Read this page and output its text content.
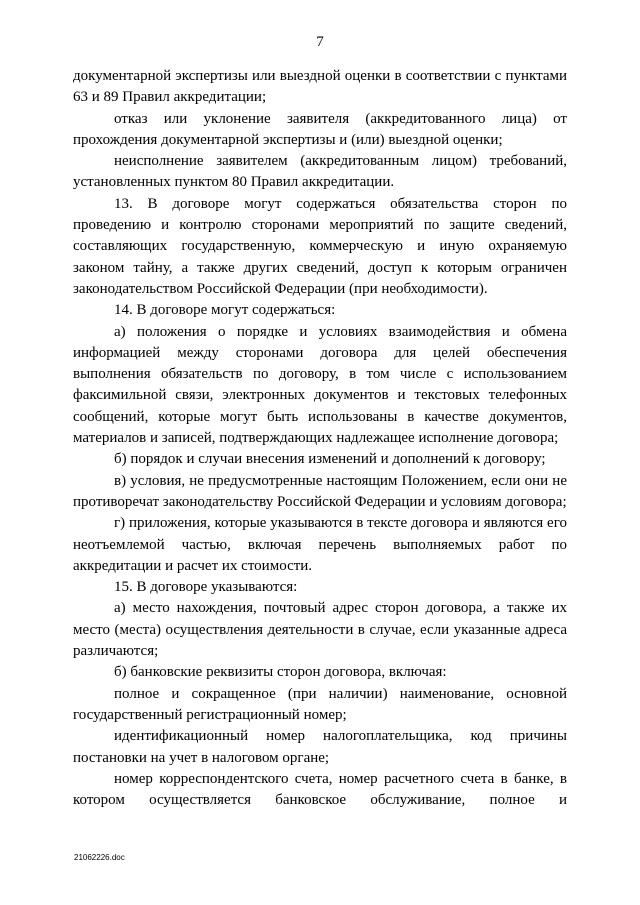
7

документарной экспертизы или выездной оценки в соответствии с пунктами 63 и 89 Правил аккредитации;

отказ или уклонение заявителя (аккредитованного лица) от прохождения документарной экспертизы и (или) выездной оценки;

неисполнение заявителем (аккредитованным лицом) требований, установленных пунктом 80 Правил аккредитации.

13. В договоре могут содержаться обязательства сторон по проведению и контролю сторонами мероприятий по защите сведений, составляющих государственную, коммерческую и иную охраняемую законом тайну, а также других сведений, доступ к которым ограничен законодательством Российской Федерации (при необходимости).

14. В договоре могут содержаться:

а) положения о порядке и условиях взаимодействия и обмена информацией между сторонами договора для целей обеспечения выполнения обязательств по договору, в том числе с использованием факсимильной связи, электронных документов и текстовых телефонных сообщений, которые могут быть использованы в качестве документов, материалов и записей, подтверждающих надлежащее исполнение договора;

б) порядок и случаи внесения изменений и дополнений к договору;

в) условия, не предусмотренные настоящим Положением, если они не противоречат законодательству Российской Федерации и условиям договора;

г) приложения, которые указываются в тексте договора и являются его неотъемлемой частью, включая перечень выполняемых работ по аккредитации и расчет их стоимости.

15. В договоре указываются:

а) место нахождения, почтовый адрес сторон договора, а также их место (места) осуществления деятельности в случае, если указанные адреса различаются;

б) банковские реквизиты сторон договора, включая:

полное и сокращенное (при наличии) наименование, основной государственный регистрационный номер;

идентификационный номер налогоплательщика, код причины постановки на учет в налоговом органе;

номер корреспондентского счета, номер расчетного счета в банке, в котором осуществляется банковское обслуживание, полное и

21062226.doc
